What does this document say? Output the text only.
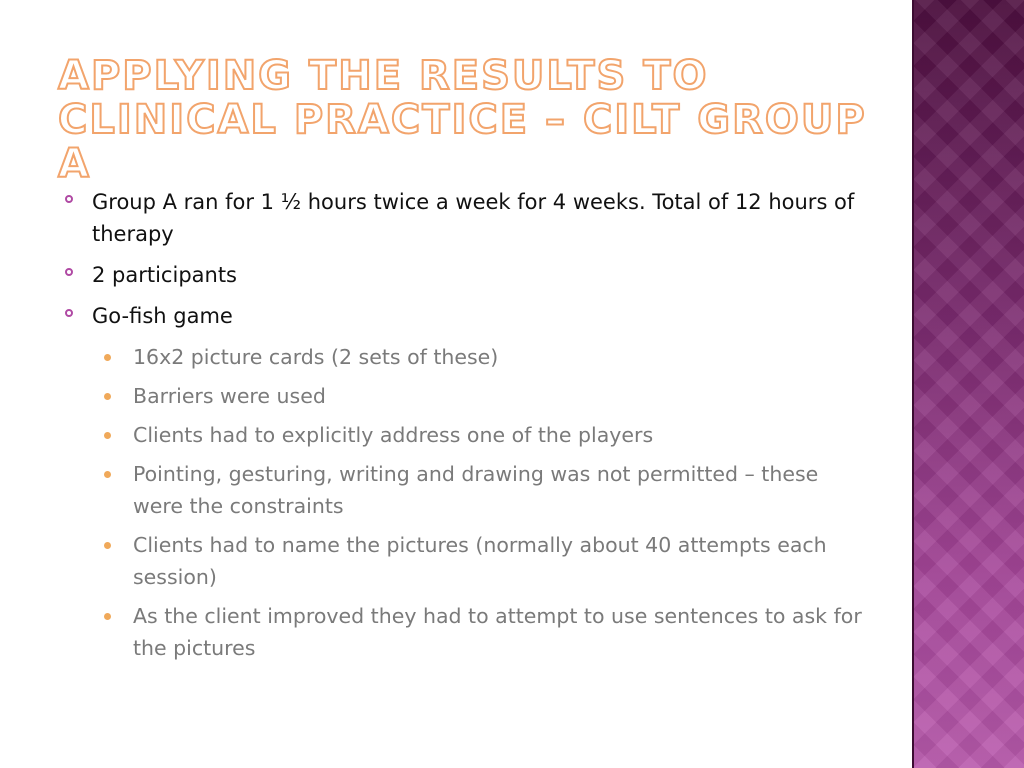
APPLYING THE RESULTS TO CLINICAL PRACTICE – CILT GROUP A
Group A ran for 1 ½ hours twice a week for 4 weeks. Total of 12 hours of therapy
2 participants
Go-fish game
16x2 picture cards (2 sets of these)
Barriers were used
Clients had to explicitly address one of the players
Pointing, gesturing, writing and drawing was not permitted – these were the constraints
Clients had to name the pictures (normally about 40 attempts each session)
As the client improved they had to attempt to use sentences to ask for the pictures
